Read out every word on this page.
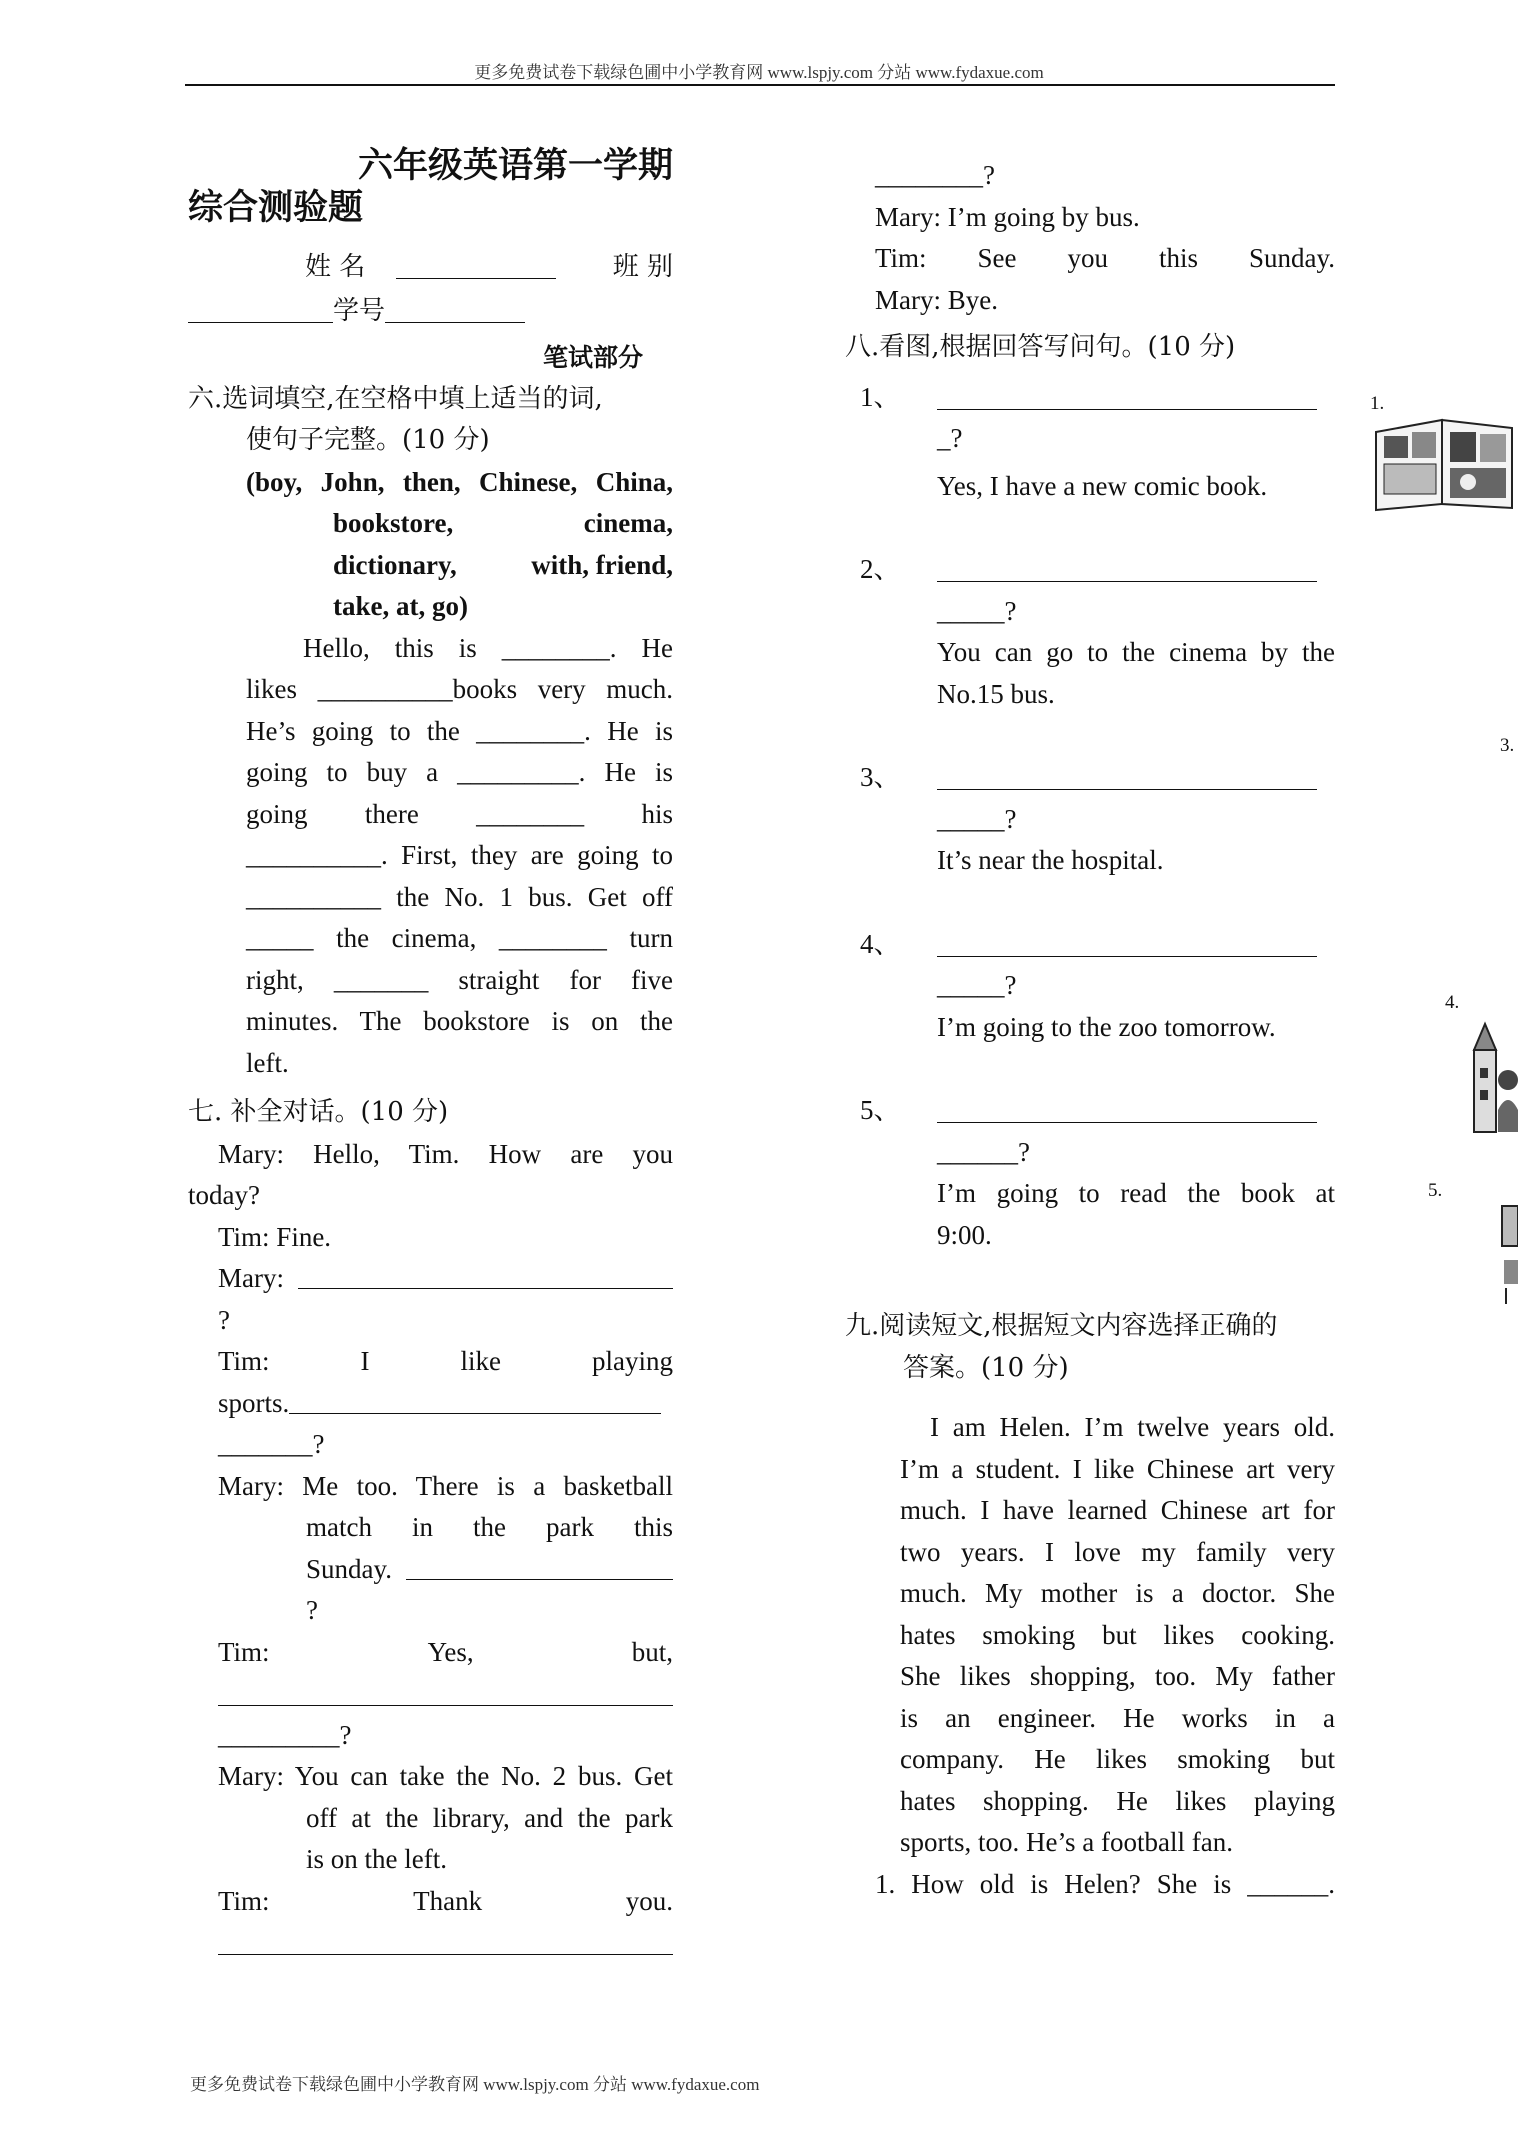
更多免费试卷下载绿色圃中小学教育网 www.lspjy.com 分站 www.fydaxue.com
六年级英语第一学期
综合测验题
姓 名	班 别
学号
笔试部分
六.选词填空,在空格中填上适当的词,
使句子完整。(10 分)
(boy, John, then, Chinese, China,
bookstore,	cinema,
dictionary,	with, friend,
take, at, go)
Hello, this is ________. He
likes __________books very much.
He’s going to the ________. He is
going to buy a _________. He is
going there ________ his
__________. First, they are going to
__________ the No. 1 bus. Get off
_____ the cinema, ________ turn
right, _______ straight for five
minutes. The bookstore is on the
left.
七. 补全对话。(10 分)
Mary: Hello, Tim. How are you
today?
Tim: Fine.
Mary:
?
Tim: I like playing
sports.
_______?
Mary: Me too. There is a basketball
match in the park this
Sunday.
?
Tim:	Yes,	but,
_________?
Mary: You can take the No. 2 bus. Get
off at the library, and the park
is on the left.
Tim:	Thank	you.
________?
Mary: I’m going by bus.
Tim: See you this Sunday.
Mary: Bye.
八.看图,根据回答写问句。(10 分)
1、
_?
Yes, I have a new comic book.
2、
_____?
You can go to the cinema by the
No.15 bus.
3、
_____?
It’s near the hospital.
4、
_____?
I’m going to the zoo tomorrow.
5、
______?
I’m going to read the book at
9:00.
九.阅读短文,根据短文内容选择正确的
答案。(10 分)
I am Helen. I’m twelve years old.
I’m a student. I like Chinese art very
much. I have learned Chinese art for
two years. I love my family very
much. My mother is a doctor. She
hates smoking but likes cooking.
She likes shopping, too. My father
is an engineer. He works in a
company. He likes smoking but
hates shopping. He likes playing
sports, too. He’s a football fan.
1. How old is Helen? She is ______.
1.
3.
4.
5.
更多免费试卷下载绿色圃中小学教育网 www.lspjy.com 分站 www.fydaxue.com
